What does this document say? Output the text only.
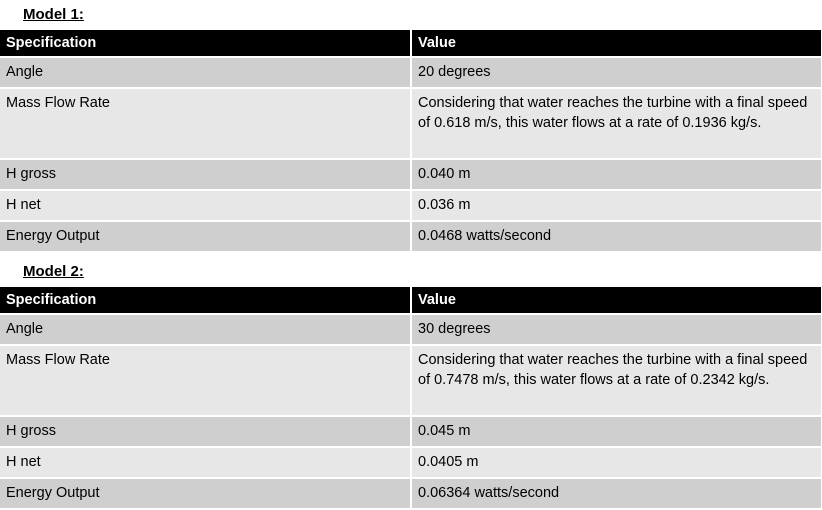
Model 1:
Specification	Value
Angle	20 degrees
Mass Flow Rate	Considering that water reaches the turbine with a final speed of 0.618 m/s, this water flows at a rate of 0.1936 kg/s.
H gross	0.040 m
H net	0.036 m
Energy Output	0.0468 watts/second
Model 2:
Specification	Value
Angle	30 degrees
Mass Flow Rate	Considering that water reaches the turbine with a final speed of 0.7478 m/s, this water flows at a rate of 0.2342 kg/s.
H gross	0.045 m
H net	0.0405 m
Energy Output	0.06364 watts/second
